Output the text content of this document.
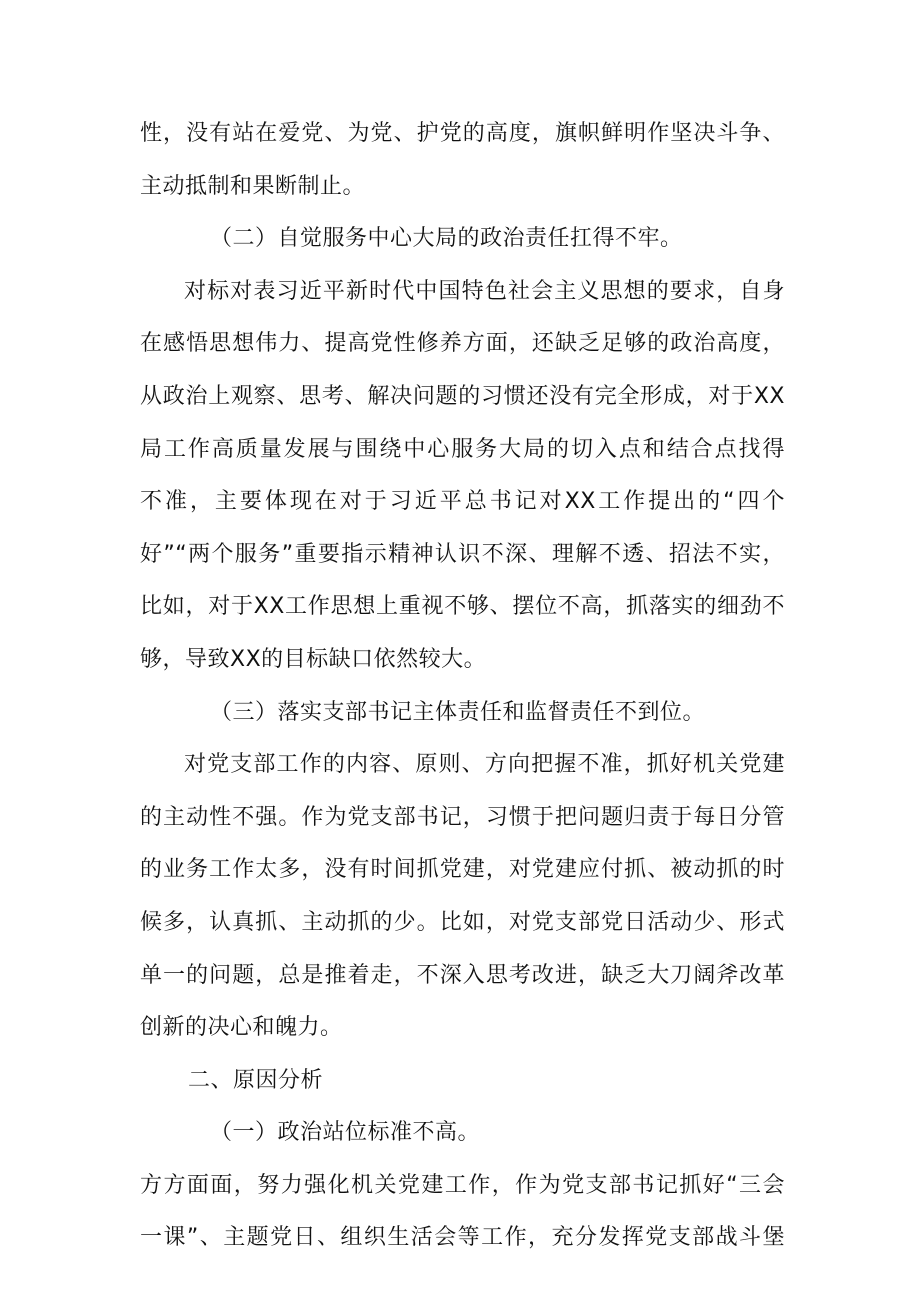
性，没有站在爱党、为党、护党的高度，旗帜鲜明作坚决斗争、
主动抵制和果断制止。
（二）自觉服务中心大局的政治责任扛得不牢。
对标对表习近平新时代中国特色社会主义思想的要求，自身
在感悟思想伟力、提高党性修养方面，还缺乏足够的政治高度，
从政治上观察、思考、解决问题的习惯还没有完全形成，对于XX
局工作高质量发展与围绕中心服务大局的切入点和结合点找得
不准，主要体现在对于习近平总书记对XX工作提出的“四个
好”“两个服务”重要指示精神认识不深、理解不透、招法不实，
比如，对于XX工作思想上重视不够、摆位不高，抓落实的细劲不
够，导致XX的目标缺口依然较大。
（三）落实支部书记主体责任和监督责任不到位。
对党支部工作的内容、原则、方向把握不准，抓好机关党建
的主动性不强。作为党支部书记，习惯于把问题归责于每日分管
的业务工作太多，没有时间抓党建，对党建应付抓、被动抓的时
候多，认真抓、主动抓的少。比如，对党支部党日活动少、形式
单一的问题，总是推着走，不深入思考改进，缺乏大刀阔斧改革
创新的决心和魄力。
二、原因分析
（一）政治站位标准不高。
方方面面，努力强化机关党建工作，作为党支部书记抓好“三会
一课”、主题党日、组织生活会等工作，充分发挥党支部战斗堡
